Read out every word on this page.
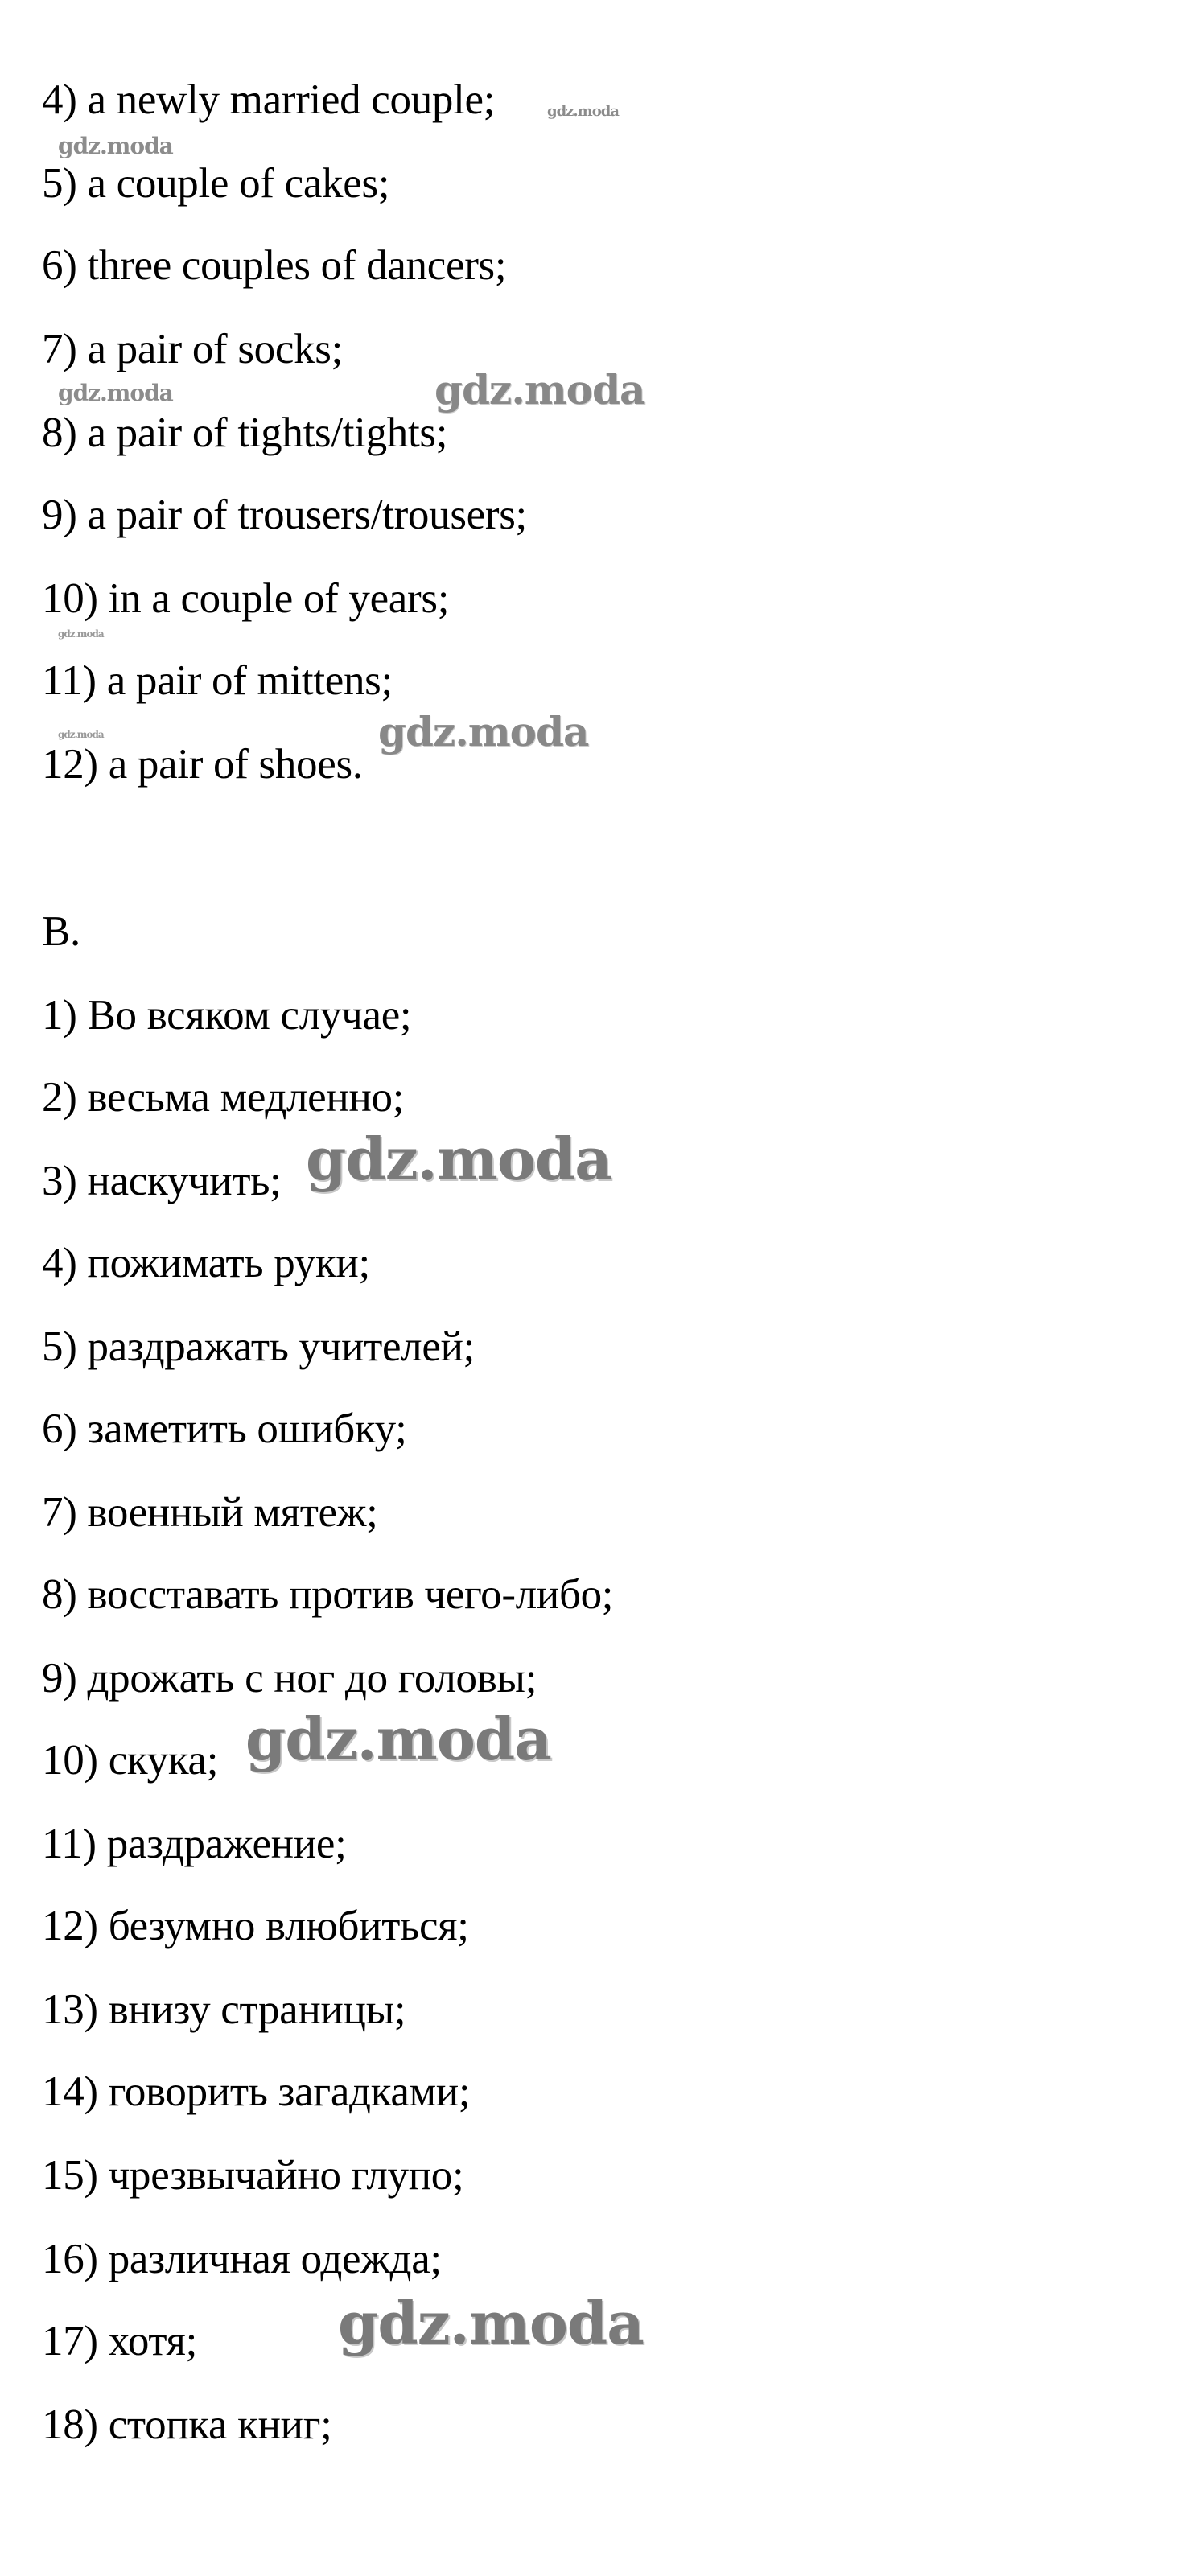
4) a newly married couple;
5) a couple of cakes;
6) three couples of dancers;
7) a pair of socks;
8) a pair of tights/tights;
9) a pair of trousers/trousers;
10) in a couple of years;
11) a pair of mittens;
12) a pair of shoes.
B.
1) Во всяком случае;
2) весьма медленно;
3) наскучить;
4) пожимать руки;
5) раздражать учителей;
6) заметить ошибку;
7) военный мятеж;
8) восставать против чего-либо;
9) дрожать с ног до головы;
10) скука;
11) раздражение;
12) безумно влюбиться;
13) внизу страницы;
14) говорить загадками;
15) чрезвычайно глупо;
16) различная одежда;
17) хотя;
18) стопка книг;
gdz.moda
gdz.moda
gdz.moda	gdz.moda
gdz.moda
gdz.moda	gdz.moda
gdz.moda
gdz.moda
gdz.moda
